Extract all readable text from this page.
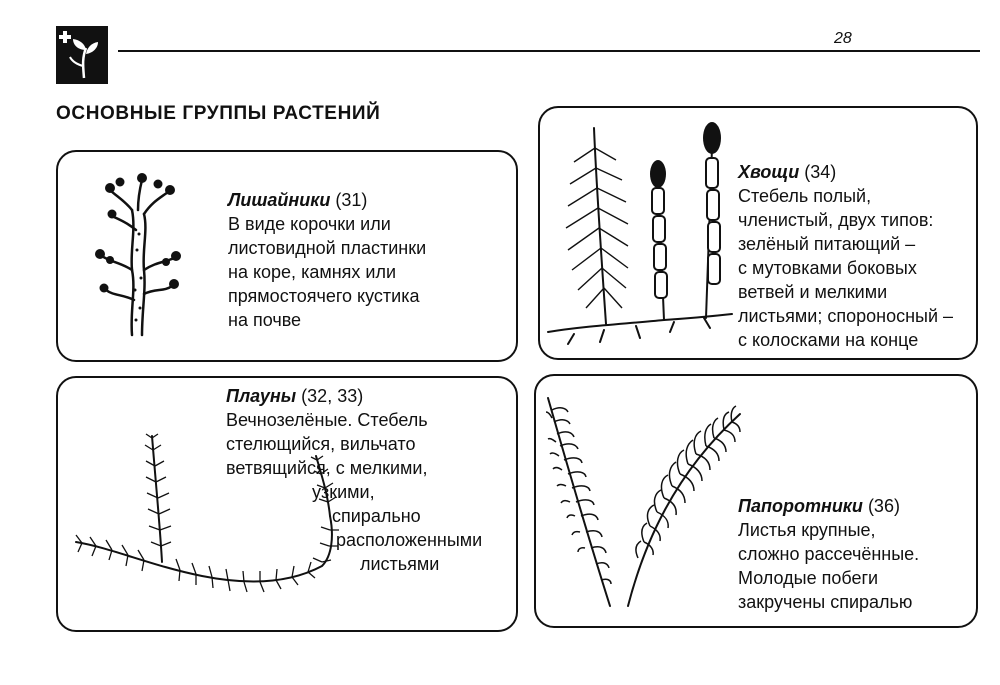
28
ОСНОВНЫЕ ГРУППЫ РАСТЕНИЙ
Лишайники (31)
В виде корочки или
листовидной пластинки
на коре, камнях или
прямостоячего кустика
на почве
Хвощи (34)
Стебель полый,
членистый, двух типов:
зелёный питающий –
с мутовками боковых
ветвей и мелкими
листьями; спороносный –
с колосками на конце
Плауны (32, 33)
Вечнозелёные. Стебель
стелющийся, вильчато
ветвящийся, с мелкими,
узкими,
спирально
расположенными
листьями
Папоротники (36)
Листья крупные,
сложно рассечённые.
Молодые побеги
закручены спиралью
